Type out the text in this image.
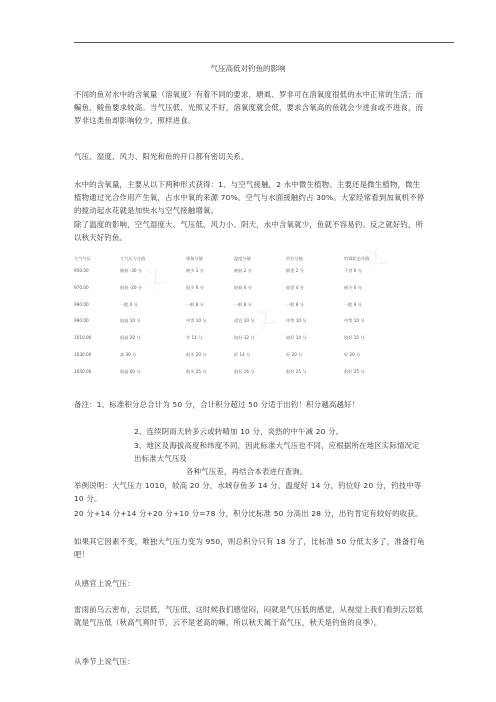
气压高低对钓鱼的影响
不同的鱼对水中的含氧量（溶氧度）有着不同的要求，塘虱、罗非可在溶氧度很低的水中正常的生活；而鳊鱼、鲮鱼要求较高。当气压低、光照又不好，溶氧度就会低，要求含氧高的鱼就会少进食或不进食，而罗非这类鱼却影响较少，照样进食。
气压、湿度、风力、阳光和鱼的开口都有密切关系。
水中的含氧量，主要从以下两种形式获得：1、与空气接触，2 水中微生植物。主要还是微生植物，微生植物通过光合作用产生氧，占水中氧的来源 70%。空气与水面接触约占 30%。大家经常看到加氧机不停的搅动起水花就是加快水与空气接触增氧。
除了温度的影响，空气湿度大、气压低、风力小、阴天，水中含氧就少，鱼就不容易钓。反之就好钓，所以秋天好钓鱼。
大气气压	大气压力分值	寄鱼分值	温度分值	钓位分值	钓饵状态分值
950.00	极低 -30 分	极少 1 分	极低 2 分	极差 2 分	不食 0 分
970.00	很低 -20 分	很少 6 分	较低 6 分	较差 4 分	极少 6 分
990.00	一般 0 分	一般 8 分	一般 8 分	一般 8 分	一般 8 分
990.00	较高 10 分	中等 10 分	适宜 10 分	中等 10 分	中等 10 分
1010.00	很高 20 分	多 14 分	较好 12 分	较好 14 分	较好 15 分
1030.00	高 30 分	很多 20 分	好 14 分	好 20 分	好 20 分
1050.00	很高 60 分	很多 25 分	很好 16 分	很好 25 分	很好 25 分
备注：1、标准积分总合计为 50 分，合计积分超过 50 分适于出钓！积分越高越好！
2、连续阴雨天转多云或转晴加 10 分，炎热的中午减 20 分。
3、地区及海拔高度和纬度不同，因此标准大气压也不同，应根据所在地区实际情况定出标准大气压及
各种气压差，再结合本表进行查询。
举例说明：大气压力 1010，较高 20 分，水域存鱼多 14 分，温度好 14 分，钓位好 20 分，钓技中等 10 分。
20 分+14 分+14 分+20 分+10 分=78 分，积分比标准 50 分高出 28 分，出钓肯定有较好的收获。
如果其它因素不变，唯独大气压力变为 950，则总积分只有 18 分了，比标准 50 分低太多了，准备打龟吧！
从感官上说气压：
雷雨前乌云密布，云层低，气压低，这时候我们感觉闷，闷就是气压低的感觉，从视觉上我们看到云层低就是气压低（秋高气爽时节，云不是老高的嘛，所以秋天属于高气压，秋天是钓鱼的良季）。
从季节上说气压：
